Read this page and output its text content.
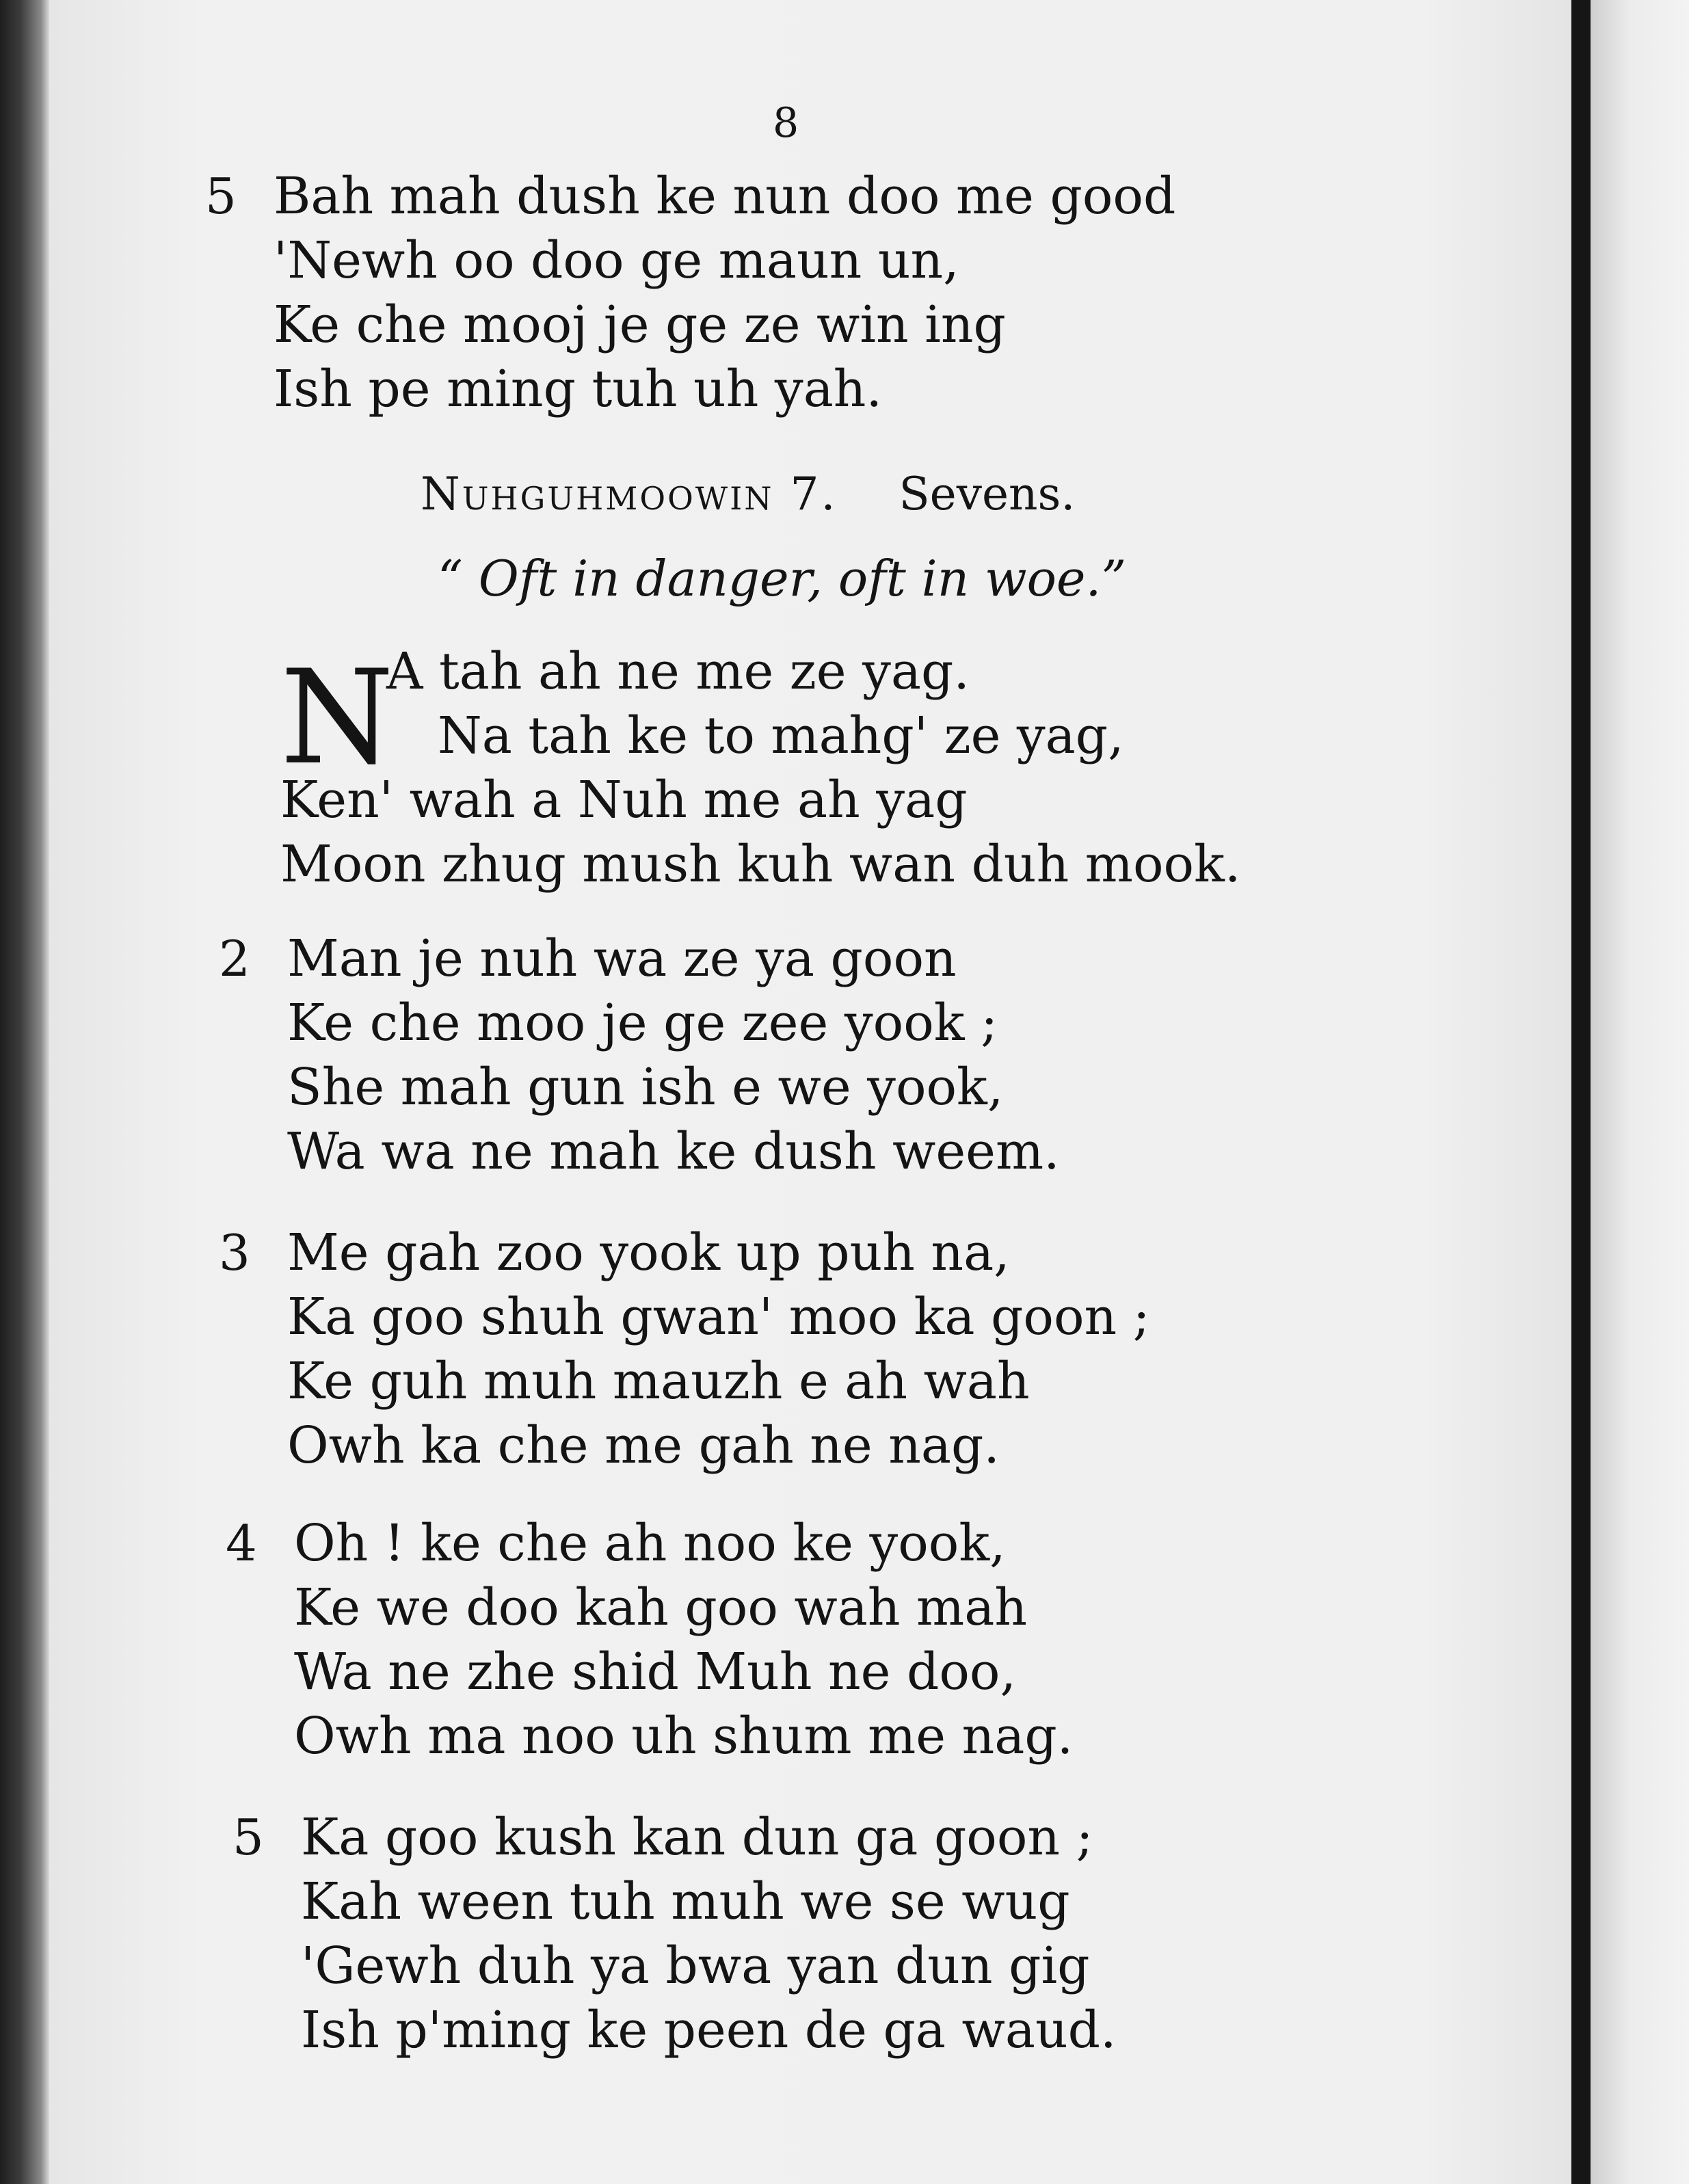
8
5 Bah mah dush ke nun doo me good
'Newh oo doo ge maun un,
Ke che mooj je ge ze win ing
Ish pe ming tuh uh yah.
Nuhguhmoowin 7. Sevens.
“ Oft in danger, oft in woe.”
N
A tah ah ne me ze yag.
Na tah ke to mahg' ze yag,
Ken' wah a Nuh me ah yag
Moon zhug mush kuh wan duh mook.
2 Man je nuh wa ze ya goon
Ke che moo je ge zee yook ;
She mah gun ish e we yook,
Wa wa ne mah ke dush weem.
3 Me gah zoo yook up puh na,
Ka goo shuh gwan' moo ka goon ;
Ke guh muh mauzh e ah wah
Owh ka che me gah ne nag.
4 Oh ! ke che ah noo ke yook,
Ke we doo kah goo wah mah
Wa ne zhe shid Muh ne doo,
Owh ma noo uh shum me nag.
5 Ka goo kush kan dun ga goon ;
Kah ween tuh muh we se wug
'Gewh duh ya bwa yan dun gig
Ish p'ming ke peen de ga waud.
